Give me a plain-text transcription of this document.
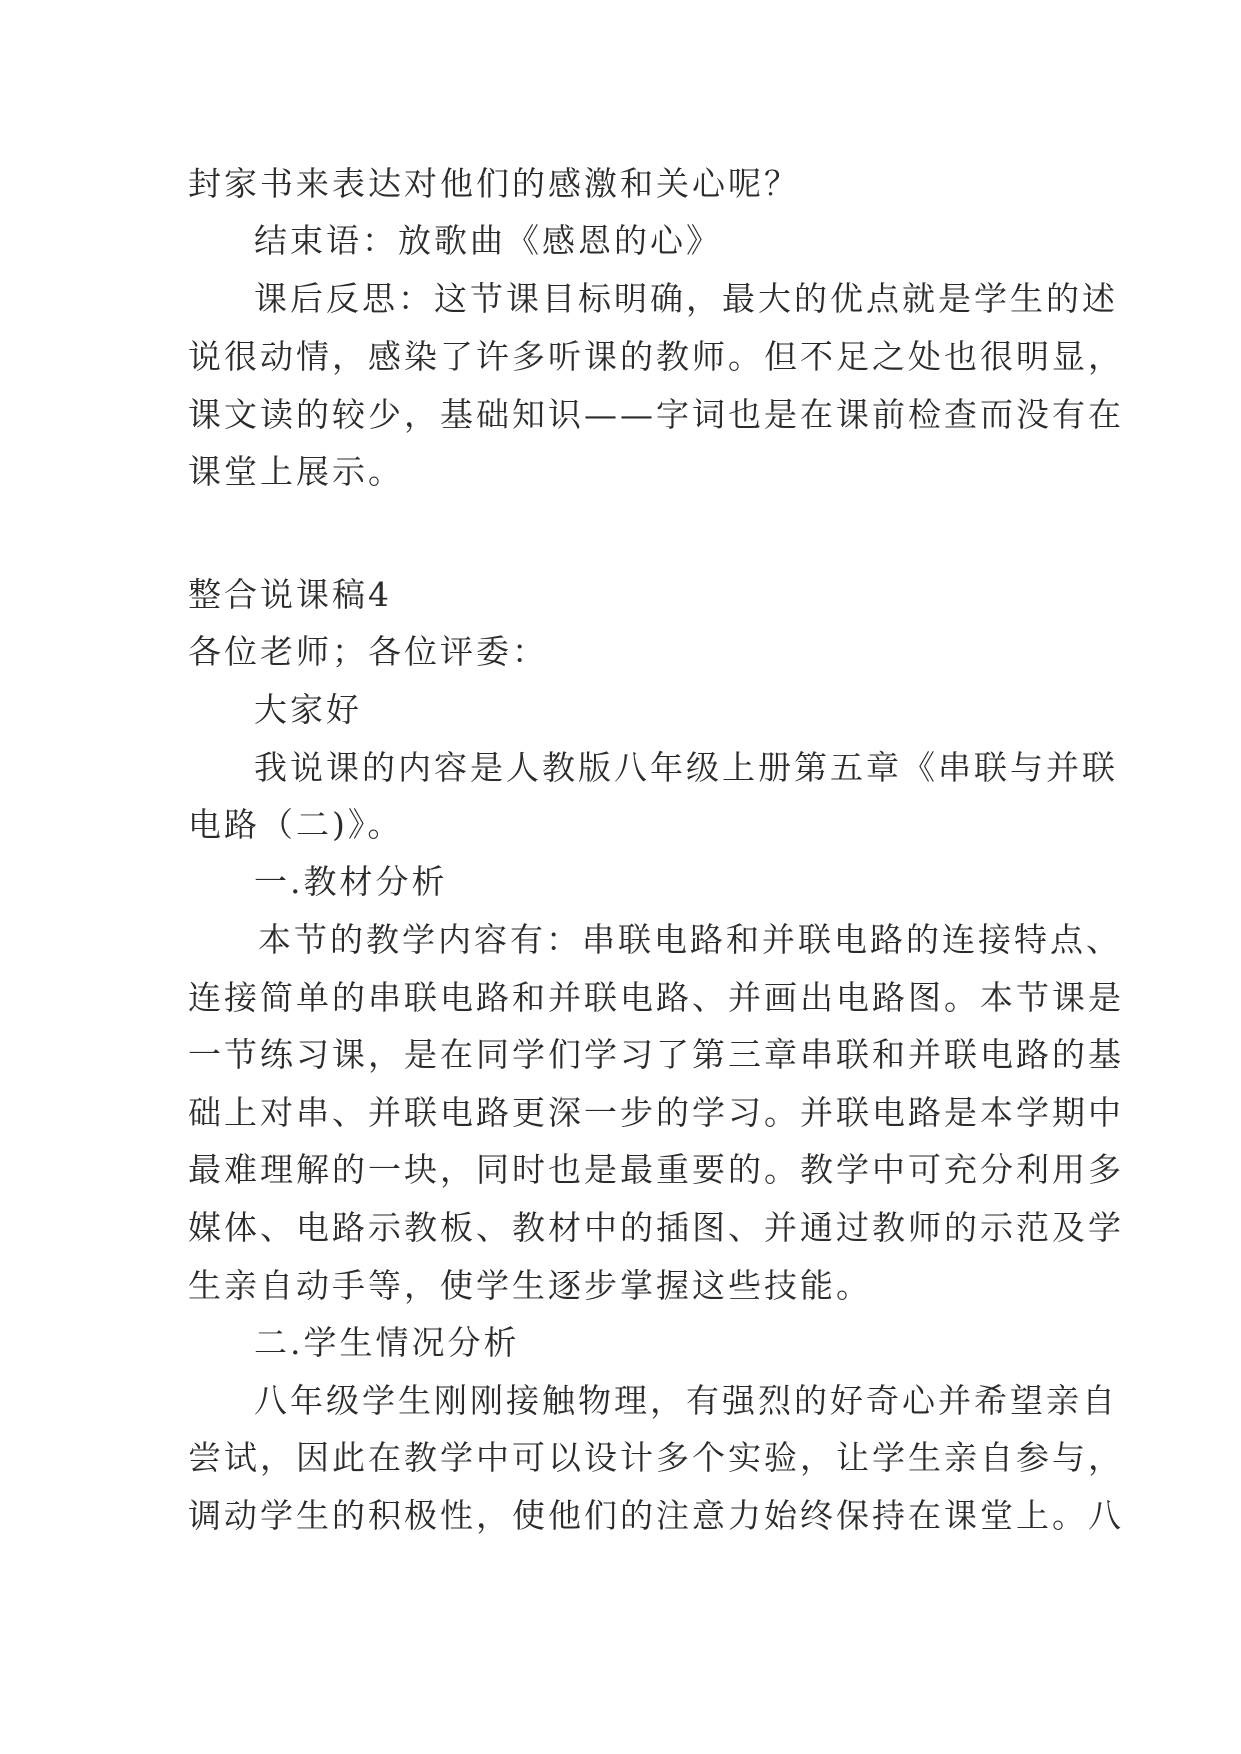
封家书来表达对他们的感激和关心呢？
结束语：放歌曲《感恩的心》
课后反思：这节课目标明确，最大的优点就是学生的述
说很动情，感染了许多听课的教师。但不足之处也很明显，
课文读的较少，基础知识——字词也是在课前检查而没有在
课堂上展示。
整合说课稿4
各位老师；各位评委：
大家好
我说课的内容是人教版八年级上册第五章《串联与并联
电路（二)》。
一.教材分析
本节的教学内容有：串联电路和并联电路的连接特点、
连接简单的串联电路和并联电路、并画出电路图。本节课是
一节练习课，是在同学们学习了第三章串联和并联电路的基
础上对串、并联电路更深一步的学习。并联电路是本学期中
最难理解的一块，同时也是最重要的。教学中可充分利用多
媒体、电路示教板、教材中的插图、并通过教师的示范及学
生亲自动手等，使学生逐步掌握这些技能。
二.学生情况分析
八年级学生刚刚接触物理，有强烈的好奇心并希望亲自
尝试，因此在教学中可以设计多个实验，让学生亲自参与，
调动学生的积极性，使他们的注意力始终保持在课堂上。八
